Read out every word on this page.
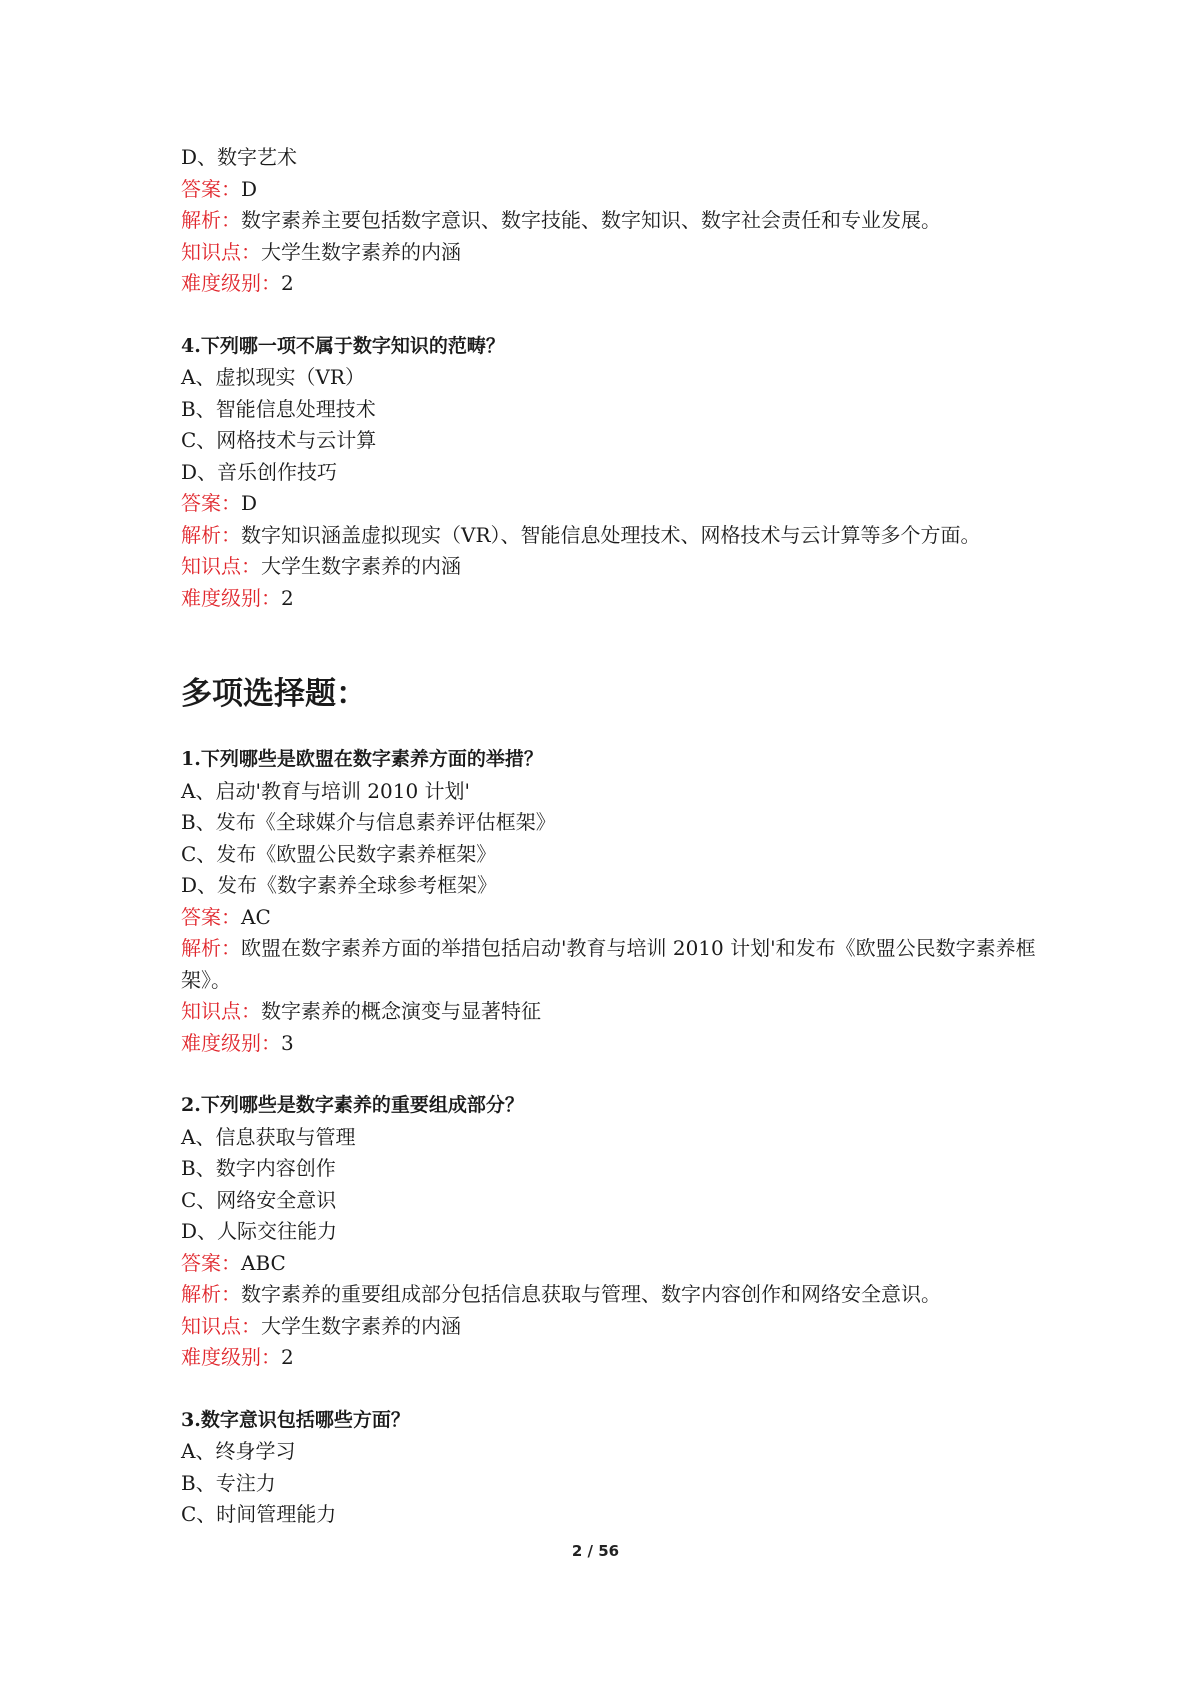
D、数字艺术
答案：D
解析：数字素养主要包括数字意识、数字技能、数字知识、数字社会责任和专业发展。
知识点：大学生数字素养的内涵
难度级别：2
4.下列哪一项不属于数字知识的范畴？
A、虚拟现实（VR）
B、智能信息处理技术
C、网格技术与云计算
D、音乐创作技巧
答案：D
解析：数字知识涵盖虚拟现实（VR）、智能信息处理技术、网格技术与云计算等多个方面。
知识点：大学生数字素养的内涵
难度级别：2
多项选择题：
1.下列哪些是欧盟在数字素养方面的举措？
A、启动'教育与培训 2010 计划'
B、发布《全球媒介与信息素养评估框架》
C、发布《欧盟公民数字素养框架》
D、发布《数字素养全球参考框架》
答案：AC
解析：欧盟在数字素养方面的举措包括启动'教育与培训 2010 计划'和发布《欧盟公民数字素养框架》。
知识点：数字素养的概念演变与显著特征
难度级别：3
2.下列哪些是数字素养的重要组成部分？
A、信息获取与管理
B、数字内容创作
C、网络安全意识
D、人际交往能力
答案：ABC
解析：数字素养的重要组成部分包括信息获取与管理、数字内容创作和网络安全意识。
知识点：大学生数字素养的内涵
难度级别：2
3.数字意识包括哪些方面？
A、终身学习
B、专注力
C、时间管理能力
2 / 56
